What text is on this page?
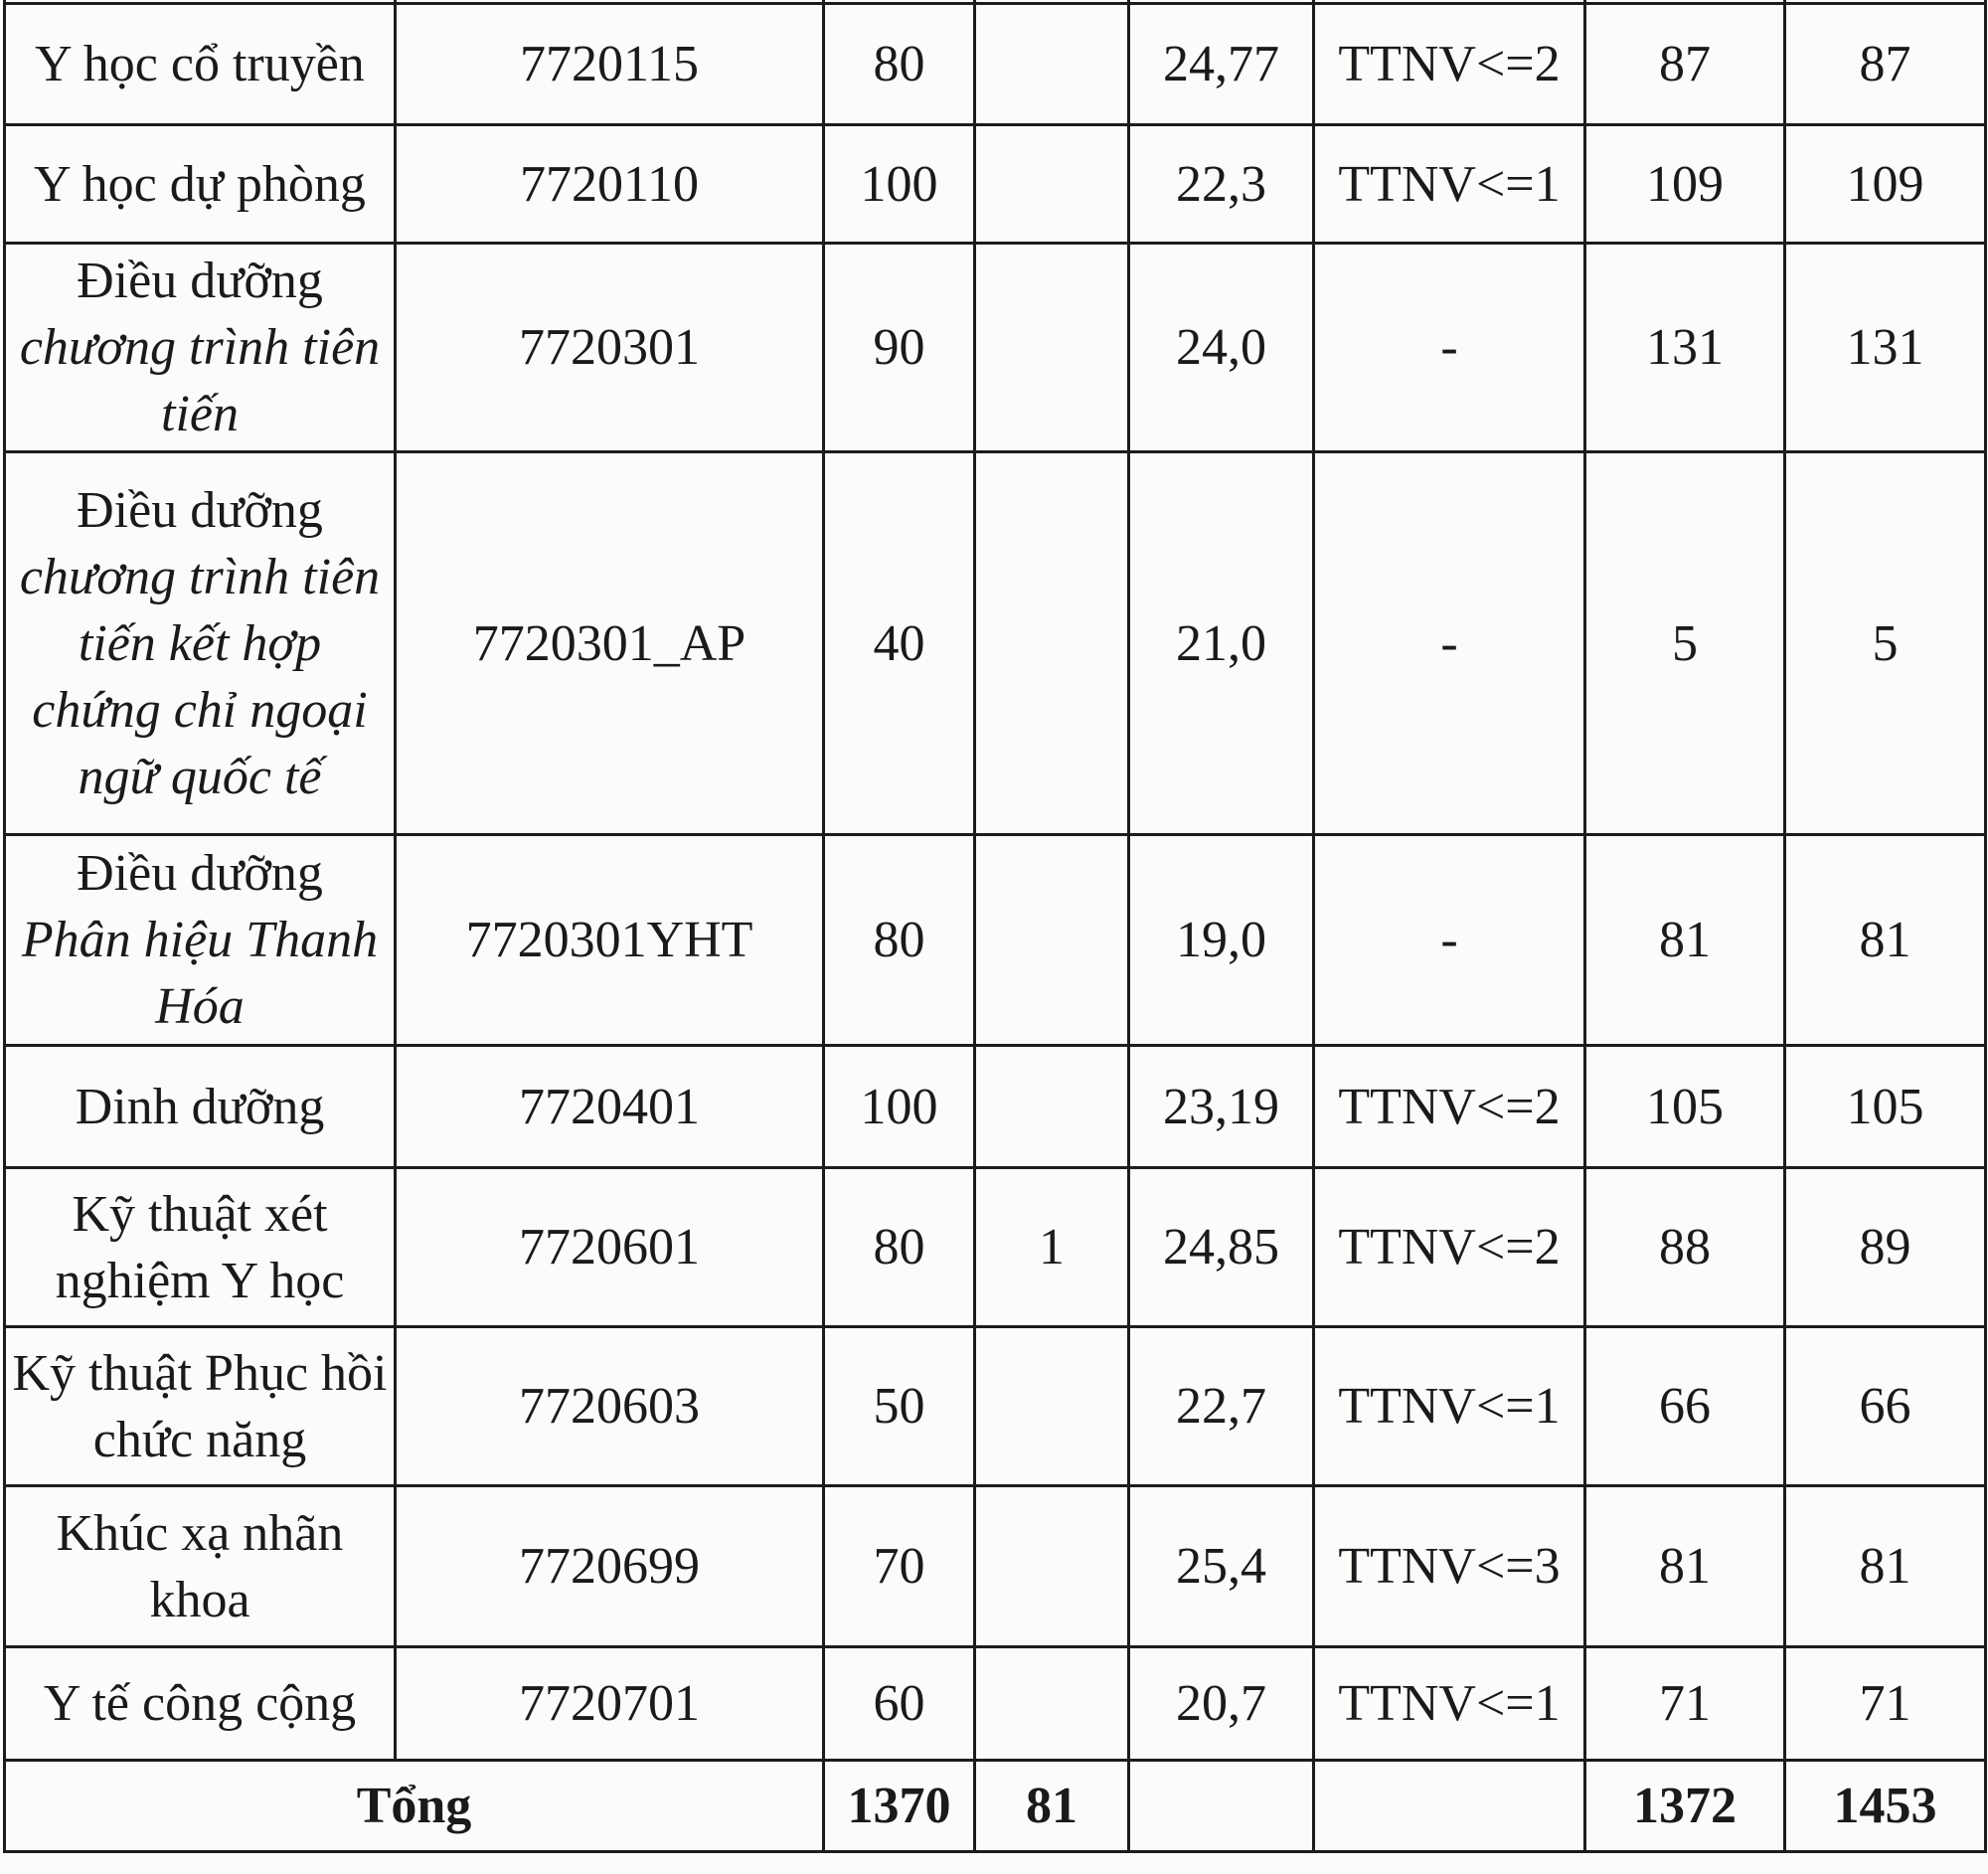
Y học cổ truyền	7720115	80		24,77	TTNV<=2	87	87

Y học dự phòng	7720110	100		22,3	TTNV<=1	109	109

Điều dưỡng
chương trình tiên tiến	7720301	90		24,0	-	131	131

Điều dưỡng
chương trình tiên tiến kết hợp chứng chỉ ngoại ngữ quốc tế	7720301_AP	40		21,0	-	5	5

Điều dưỡng
Phân hiệu Thanh Hóa	7720301YHT	80		19,0	-	81	81

Dinh dưỡng	7720401	100		23,19	TTNV<=2	105	105

Kỹ thuật xét nghiệm Y học	7720601	80	1	24,85	TTNV<=2	88	89

Kỹ thuật Phục hồi chức năng	7720603	50		22,7	TTNV<=1	66	66

Khúc xạ nhãn khoa	7720699	70		25,4	TTNV<=3	81	81

Y tế công cộng	7720701	60		20,7	TTNV<=1	71	71
Tổng		1370	81			1372	1453
